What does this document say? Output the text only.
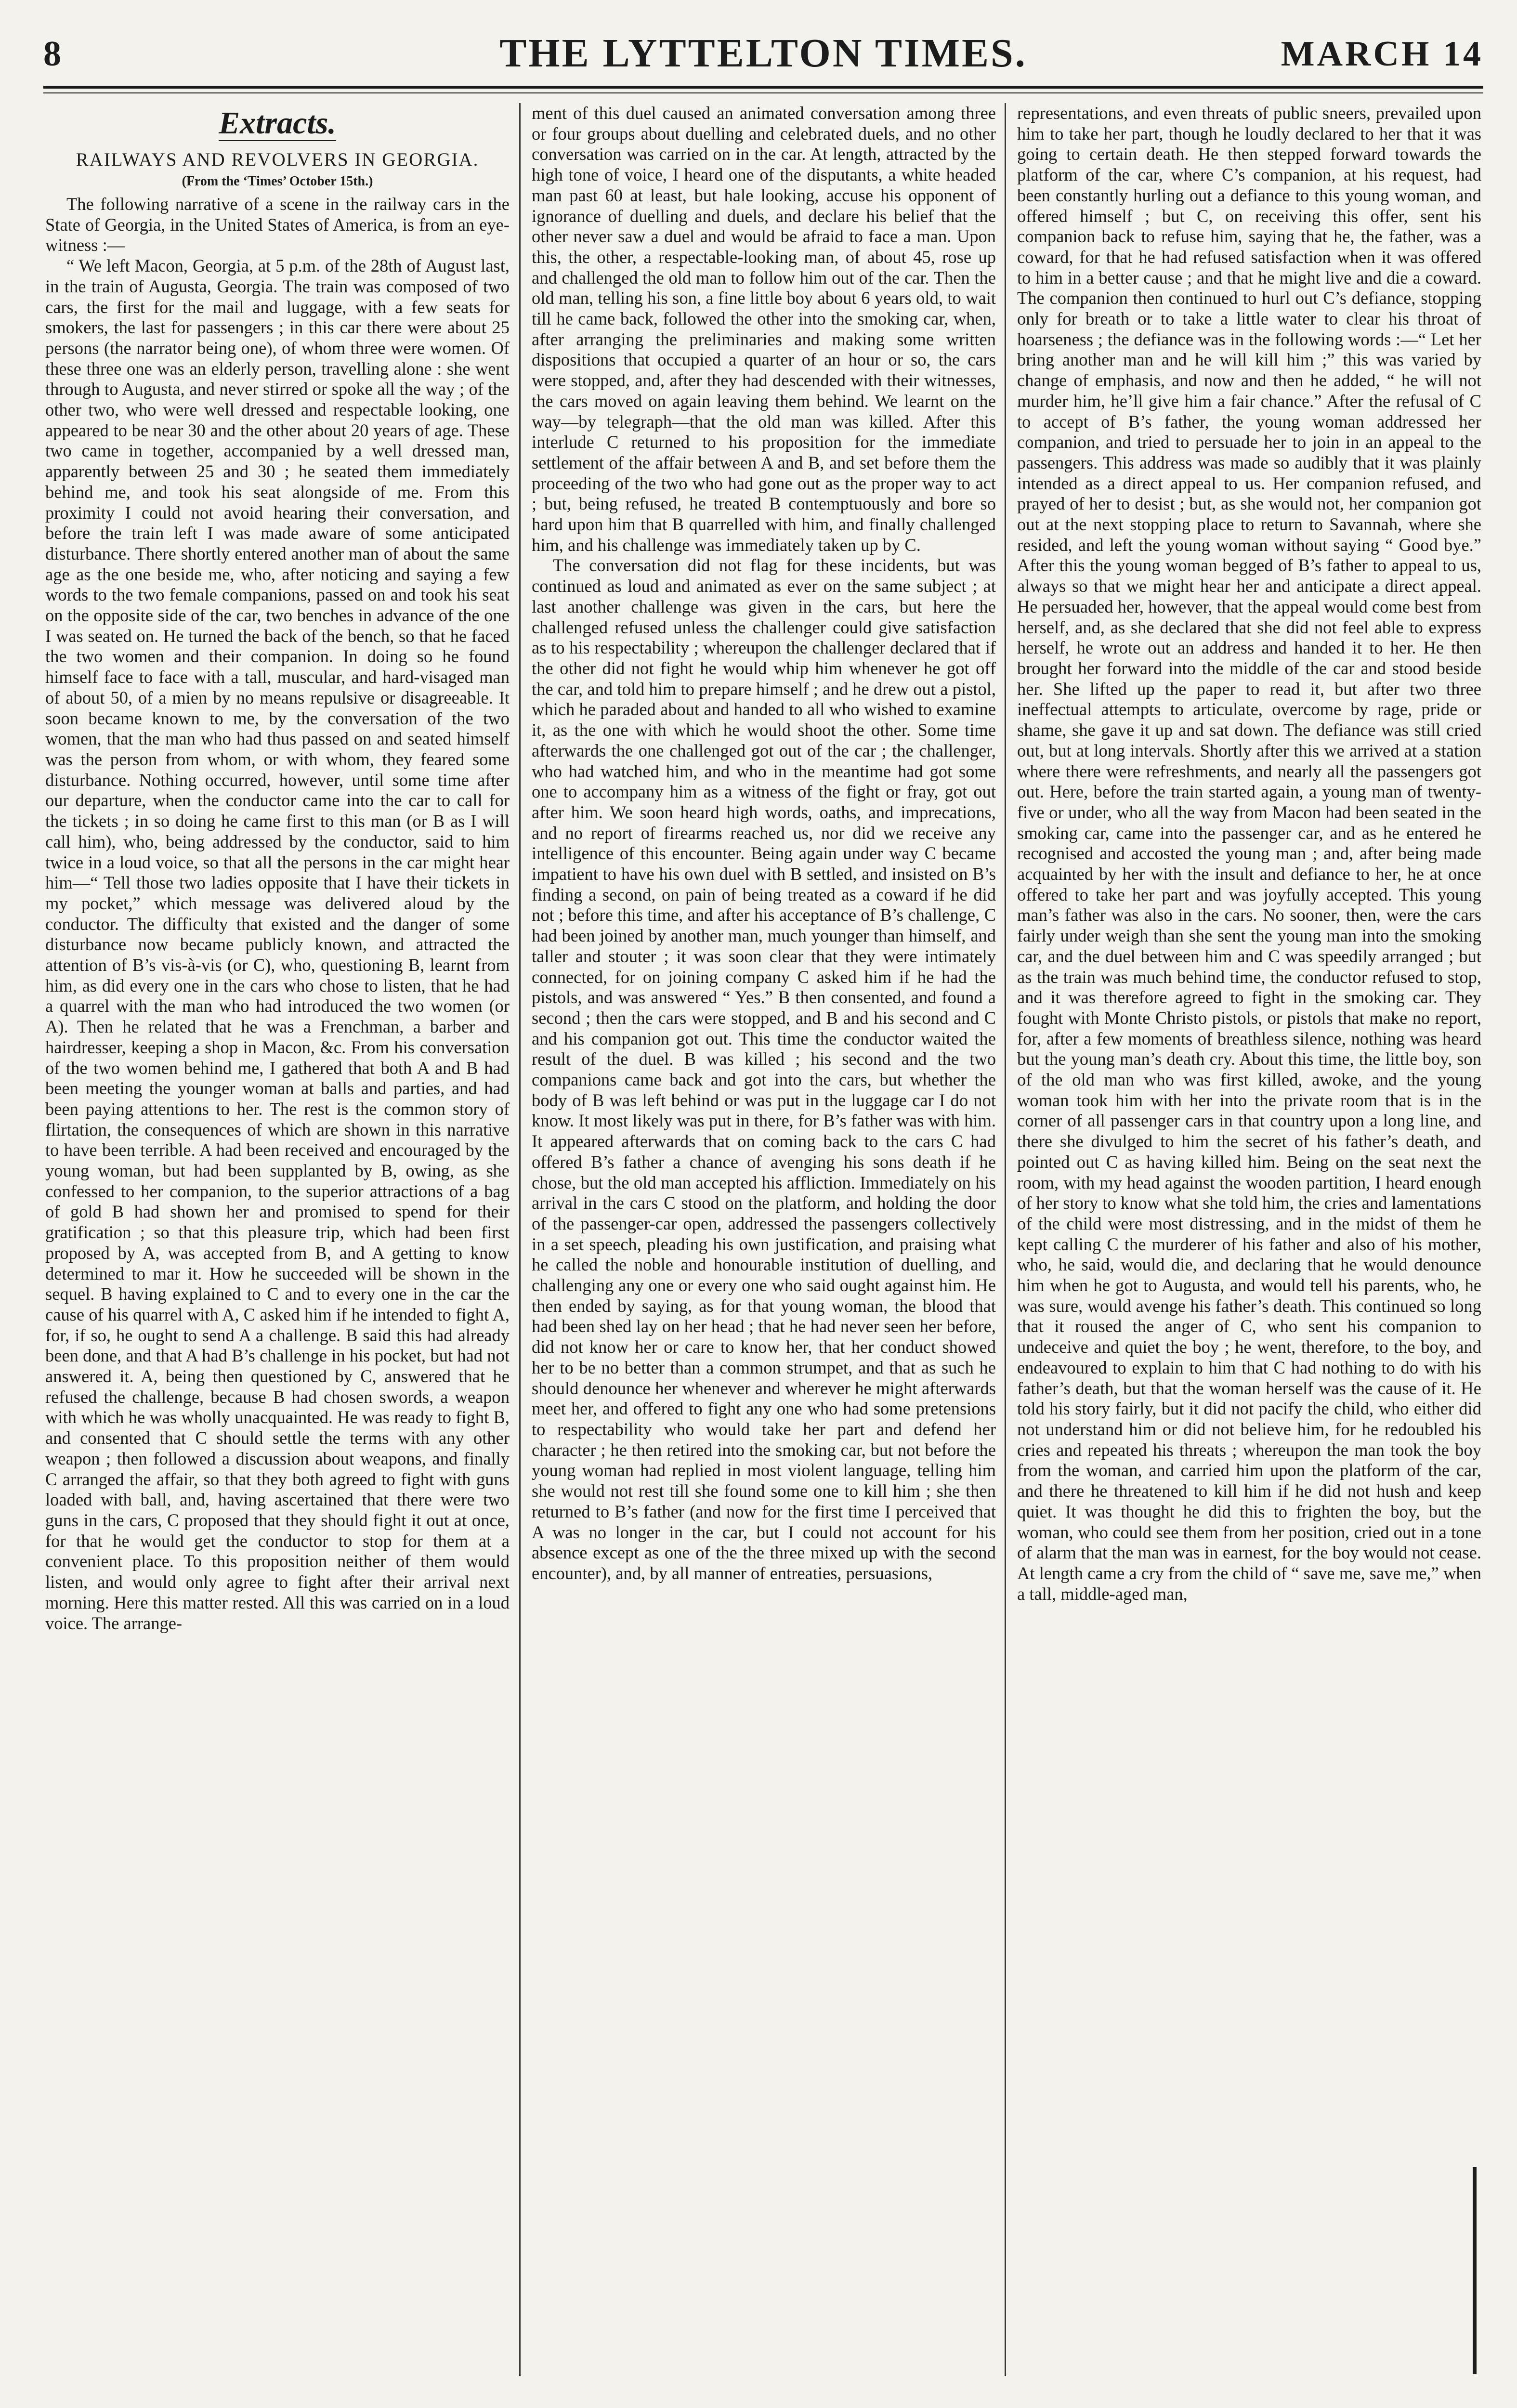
8	THE LYTTELTON TIMES.	MARCH 14
Extracts.
RAILWAYS AND REVOLVERS IN GEORGIA.
(From the ‘Times’ October 15th.)

The following narrative of a scene in the railway cars in the State of Georgia, in the United States of America, is from an eye-witness :—

“ We left Macon, Georgia, at 5 p.m. of the 28th of August last, in the train of Augusta, Georgia. The train was composed of two cars, the first for the mail and luggage, with a few seats for smokers, the last for passengers ; in this car there were about 25 persons (the narrator being one), of whom three were women. Of these three one was an elderly person, travelling alone : she went through to Augusta, and never stirred or spoke all the way ; of the other two, who were well dressed and respectable looking, one appeared to be near 30 and the other about 20 years of age. These two came in together, accompanied by a well dressed man, apparently between 25 and 30 ; he seated them immediately behind me, and took his seat alongside of me. From this proximity I could not avoid hearing their conversation, and before the train left I was made aware of some anticipated disturbance. There shortly entered another man of about the same age as the one beside me, who, after noticing and saying a few words to the two female companions, passed on and took his seat on the opposite side of the car, two benches in advance of the one I was seated on. He turned the back of the bench, so that he faced the two women and their companion. In doing so he found himself face to face with a tall, muscular, and hard-visaged man of about 50, of a mien by no means repulsive or disagreeable. It soon became known to me, by the conversation of the two women, that the man who had thus passed on and seated himself was the person from whom, or with whom, they feared some disturbance. Nothing occurred, however, until some time after our departure, when the conductor came into the car to call for the tickets ; in so doing he came first to this man (or B as I will call him), who, being addressed by the conductor, said to him twice in a loud voice, so that all the persons in the car might hear him—“ Tell those two ladies opposite that I have their tickets in my pocket,” which message was delivered aloud by the conductor. The difficulty that existed and the danger of some disturbance now became publicly known, and attracted the attention of B’s vis-à-vis (or C), who, questioning B, learnt from him, as did every one in the cars who chose to listen, that he had a quarrel with the man who had introduced the two women (or A). Then he related that he was a Frenchman, a barber and hairdresser, keeping a shop in Macon, &c. From his conversation of the two women behind me, I gathered that both A and B had been meeting the younger woman at balls and parties, and had been paying attentions to her. The rest is the common story of flirtation, the consequences of which are shown in this narrative to have been terrible. A had been received and encouraged by the young woman, but had been supplanted by B, owing, as she confessed to her companion, to the superior attractions of a bag of gold B had shown her and promised to spend for their gratification ; so that this pleasure trip, which had been first proposed by A, was accepted from B, and A getting to know determined to mar it. How he succeeded will be shown in the sequel. B having explained to C and to every one in the car the cause of his quarrel with A, C asked him if he intended to fight A, for, if so, he ought to send A a challenge. B said this had already been done, and that A had B’s challenge in his pocket, but had not answered it. A, being then questioned by C, answered that he refused the challenge, because B had chosen swords, a weapon with which he was wholly unacquainted. He was ready to fight B, and consented that C should settle the terms with any other weapon ; then followed a discussion about weapons, and finally C arranged the affair, so that they both agreed to fight with guns loaded with ball, and, having ascertained that there were two guns in the cars, C proposed that they should fight it out at once, for that he would get the conductor to stop for them at a convenient place. To this proposition neither of them would listen, and would only agree to fight after their arrival next morning. Here this matter rested. All this was carried on in a loud voice. The arrange-

ment of this duel caused an animated conversation among three or four groups about duelling and celebrated duels, and no other conversation was carried on in the car. At length, attracted by the high tone of voice, I heard one of the disputants, a white headed man past 60 at least, but hale looking, accuse his opponent of ignorance of duelling and duels, and declare his belief that the other never saw a duel and would be afraid to face a man. Upon this, the other, a respectable-looking man, of about 45, rose up and challenged the old man to follow him out of the car. Then the old man, telling his son, a fine little boy about 6 years old, to wait till he came back, followed the other into the smoking car, when, after arranging the preliminaries and making some written dispositions that occupied a quarter of an hour or so, the cars were stopped, and, after they had descended with their witnesses, the cars moved on again leaving them behind. We learnt on the way—by telegraph—that the old man was killed. After this interlude C returned to his proposition for the immediate settlement of the affair between A and B, and set before them the proceeding of the two who had gone out as the proper way to act ; but, being refused, he treated B contemptuously and bore so hard upon him that B quarrelled with him, and finally challenged him, and his challenge was immediately taken up by C.

The conversation did not flag for these incidents, but was continued as loud and animated as ever on the same subject ; at last another challenge was given in the cars, but here the challenged refused unless the challenger could give satisfaction as to his respectability ; whereupon the challenger declared that if the other did not fight he would whip him whenever he got off the car, and told him to prepare himself ; and he drew out a pistol, which he paraded about and handed to all who wished to examine it, as the one with which he would shoot the other. Some time afterwards the one challenged got out of the car ; the challenger, who had watched him, and who in the meantime had got some one to accompany him as a witness of the fight or fray, got out after him. We soon heard high words, oaths, and imprecations, and no report of firearms reached us, nor did we receive any intelligence of this encounter. Being again under way C became impatient to have his own duel with B settled, and insisted on B’s finding a second, on pain of being treated as a coward if he did not ; before this time, and after his acceptance of B’s challenge, C had been joined by another man, much younger than himself, and taller and stouter ; it was soon clear that they were intimately connected, for on joining company C asked him if he had the pistols, and was answered “ Yes.” B then consented, and found a second ; then the cars were stopped, and B and his second and C and his companion got out. This time the conductor waited the result of the duel. B was killed ; his second and the two companions came back and got into the cars, but whether the body of B was left behind or was put in the luggage car I do not know. It most likely was put in there, for B’s father was with him. It appeared afterwards that on coming back to the cars C had offered B’s father a chance of avenging his sons death if he chose, but the old man accepted his affliction. Immediately on his arrival in the cars C stood on the platform, and holding the door of the passenger-car open, addressed the passengers collectively in a set speech, pleading his own justification, and praising what he called the noble and honourable institution of duelling, and challenging any one or every one who said ought against him. He then ended by saying, as for that young woman, the blood that had been shed lay on her head ; that he had never seen her before, did not know her or care to know her, that her conduct showed her to be no better than a common strumpet, and that as such he should denounce her whenever and wherever he might afterwards meet her, and offered to fight any one who had some pretensions to respectability who would take her part and defend her character ; he then retired into the smoking car, but not before the young woman had replied in most violent language, telling him she would not rest till she found some one to kill him ; she then returned to B’s father (and now for the first time I perceived that A was no longer in the car, but I could not account for his absence except as one of the the three mixed up with the second encounter), and, by all manner of entreaties, persuasions,

representations, and even threats of public sneers, prevailed upon him to take her part, though he loudly declared to her that it was going to certain death. He then stepped forward towards the platform of the car, where C’s companion, at his request, had been constantly hurling out a defiance to this young woman, and offered himself ; but C, on receiving this offer, sent his companion back to refuse him, saying that he, the father, was a coward, for that he had refused satisfaction when it was offered to him in a better cause ; and that he might live and die a coward. The companion then continued to hurl out C’s defiance, stopping only for breath or to take a little water to clear his throat of hoarseness ; the defiance was in the following words :—“ Let her bring another man and he will kill him ;” this was varied by change of emphasis, and now and then he added, “ he will not murder him, he’ll give him a fair chance.” After the refusal of C to accept of B’s father, the young woman addressed her companion, and tried to persuade her to join in an appeal to the passengers. This address was made so audibly that it was plainly intended as a direct appeal to us. Her companion refused, and prayed of her to desist ; but, as she would not, her companion got out at the next stopping place to return to Savannah, where she resided, and left the young woman without saying “ Good bye.” After this the young woman begged of B’s father to appeal to us, always so that we might hear her and anticipate a direct appeal. He persuaded her, however, that the appeal would come best from herself, and, as she declared that she did not feel able to express herself, he wrote out an address and handed it to her. He then brought her forward into the middle of the car and stood beside her. She lifted up the paper to read it, but after two three ineffectual attempts to articulate, overcome by rage, pride or shame, she gave it up and sat down. The defiance was still cried out, but at long intervals. Shortly after this we arrived at a station where there were refreshments, and nearly all the passengers got out. Here, before the train started again, a young man of twenty-five or under, who all the way from Macon had been seated in the smoking car, came into the passenger car, and as he entered he recognised and accosted the young man ; and, after being made acquainted by her with the insult and defiance to her, he at once offered to take her part and was joyfully accepted. This young man’s father was also in the cars. No sooner, then, were the cars fairly under weigh than she sent the young man into the smoking car, and the duel between him and C was speedily arranged ; but as the train was much behind time, the conductor refused to stop, and it was therefore agreed to fight in the smoking car. They fought with Monte Christo pistols, or pistols that make no report, for, after a few moments of breathless silence, nothing was heard but the young man’s death cry. About this time, the little boy, son of the old man who was first killed, awoke, and the young woman took him with her into the private room that is in the corner of all passenger cars in that country upon a long line, and there she divulged to him the secret of his father’s death, and pointed out C as having killed him. Being on the seat next the room, with my head against the wooden partition, I heard enough of her story to know what she told him, the cries and lamentations of the child were most distressing, and in the midst of them he kept calling C the murderer of his father and also of his mother, who, he said, would die, and declaring that he would denounce him when he got to Augusta, and would tell his parents, who, he was sure, would avenge his father’s death. This continued so long that it roused the anger of C, who sent his companion to undeceive and quiet the boy ; he went, therefore, to the boy, and endeavoured to explain to him that C had nothing to do with his father’s death, but that the woman herself was the cause of it. He told his story fairly, but it did not pacify the child, who either did not understand him or did not believe him, for he redoubled his cries and repeated his threats ; whereupon the man took the boy from the woman, and carried him upon the platform of the car, and there he threatened to kill him if he did not hush and keep quiet. It was thought he did this to frighten the boy, but the woman, who could see them from her position, cried out in a tone of alarm that the man was in earnest, for the boy would not cease. At length came a cry from the child of “ save me, save me,” when a tall, middle-aged man,
